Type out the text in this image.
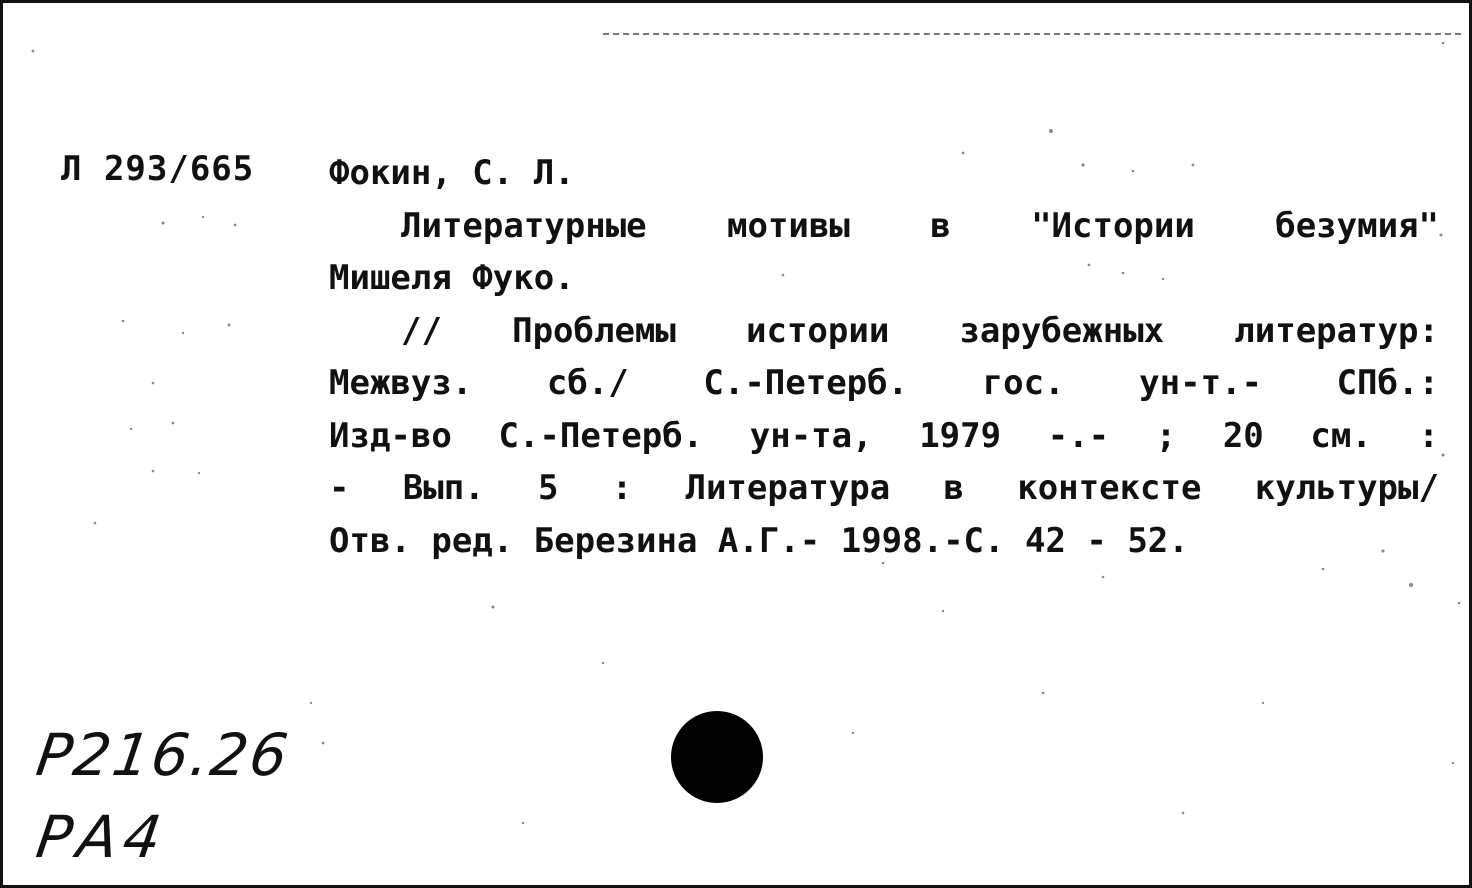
Л 293/665 Фокин, С. Л.
Литературные мотивы в "Истории безумия"
Мишеля Фуко.
// Проблемы истории зарубежных литератур:
Межвуз. сб./ С.-Петерб. гос. ун-т.- СПб.:
Изд-во С.-Петерб. ун-та, 1979 -.- ; 20 см. :
- Вып. 5 : Литература в контексте культуры/
Отв. ред. Березина А.Г.- 1998.-С. 42 - 52.
Р216.26
РА4
